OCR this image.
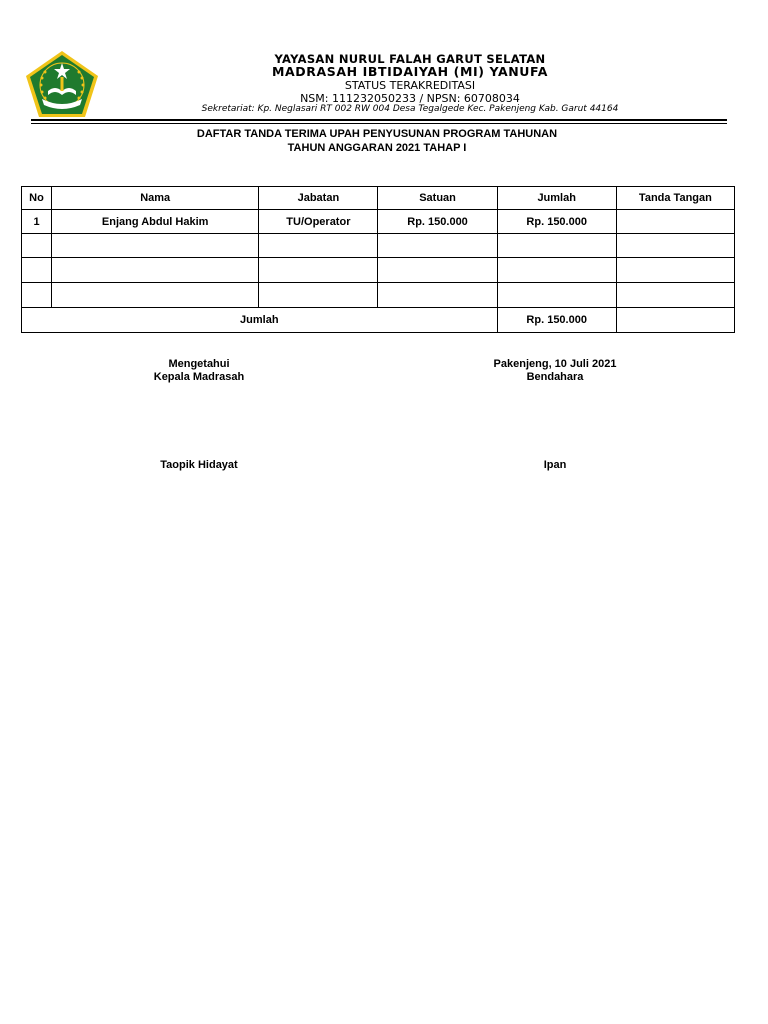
YAYASAN NURUL FALAH GARUT SELATAN
MADRASAH IBTIDAIYAH (MI) YANUFA
STATUS TERAKREDITASI
NSM: 111232050233 / NPSN: 60708034
Sekretariat: Kp. Neglasari RT 002 RW 004 Desa Tegalgede Kec. Pakenjeng Kab. Garut 44164
DAFTAR TANDA TERIMA UPAH PENYUSUNAN PROGRAM TAHUNAN
TAHUN ANGGARAN 2021 TAHAP I
No	Nama	Jabatan	Satuan	Jumlah	Tanda Tangan
1	Enjang Abdul Hakim	TU/Operator	Rp. 150.000	Rp. 150.000	

Jumlah				Rp. 150.000	
Mengetahui
Kepala Madrasah
Taopik Hidayat
Pakenjeng, 10 Juli 2021
Bendahara
Ipan
